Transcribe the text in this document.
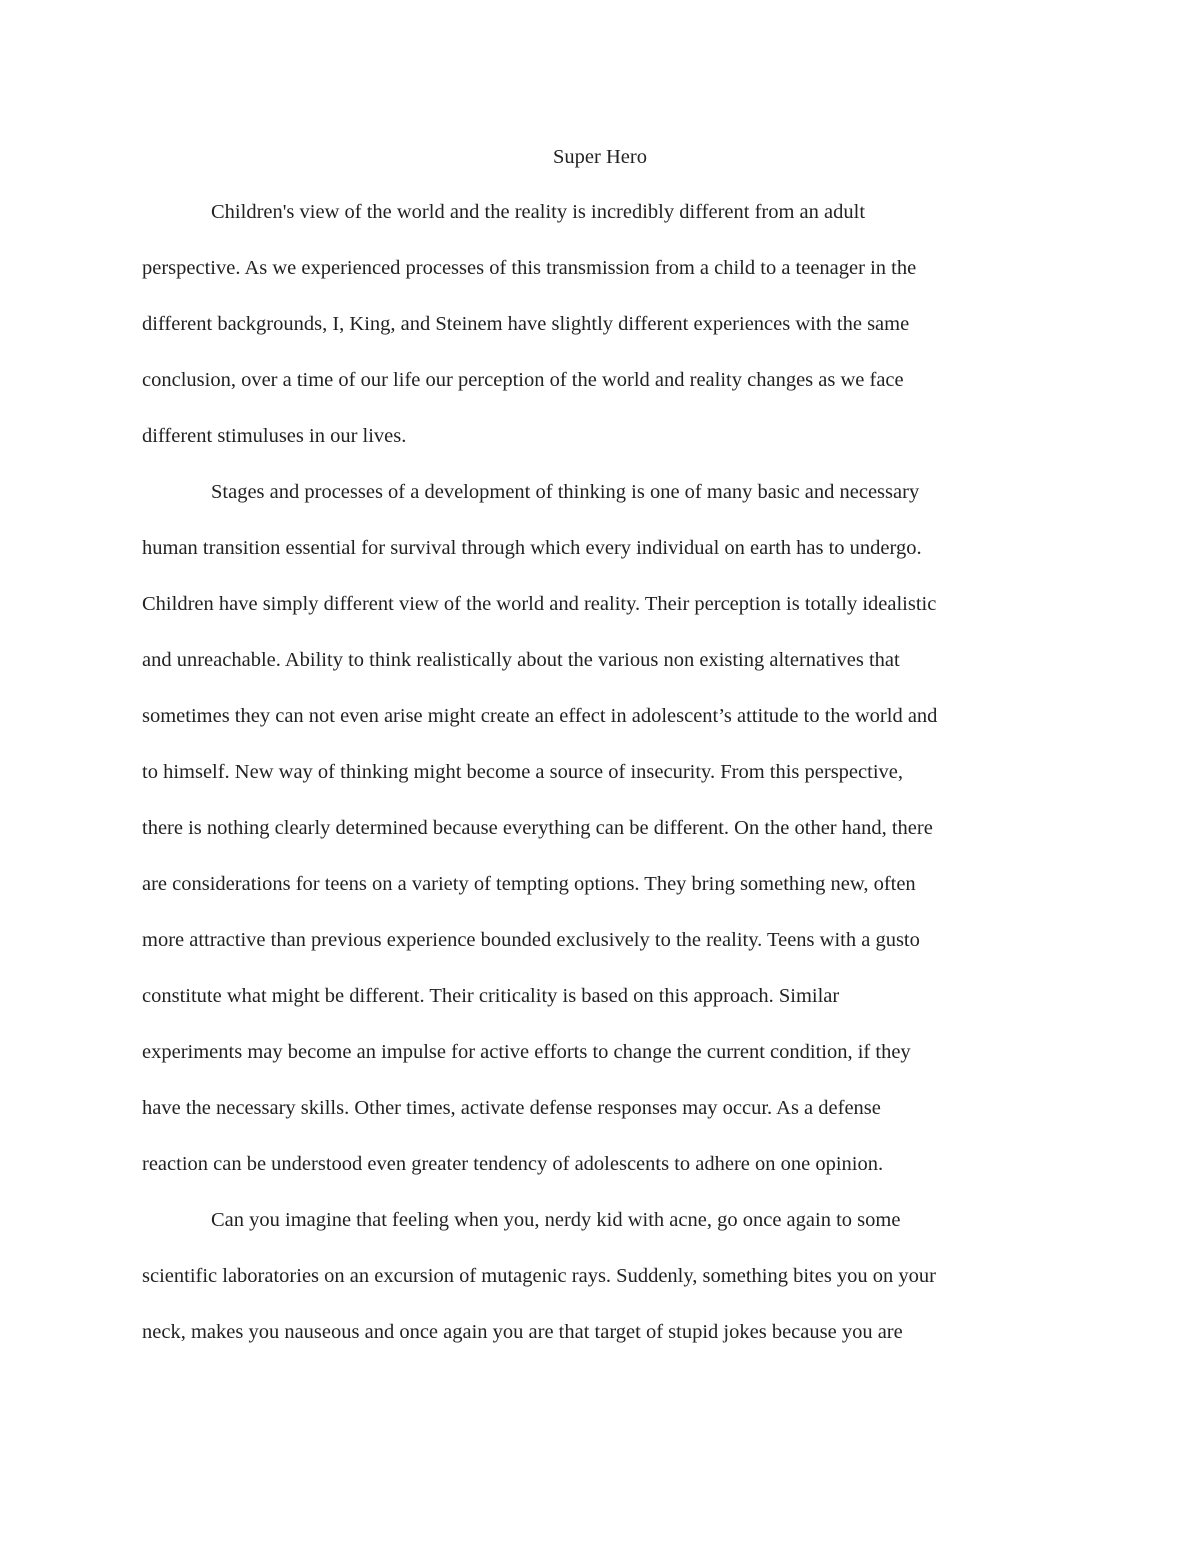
Super Hero
Children's view of the world and the reality is incredibly different from an adult
perspective. As we experienced processes of this transmission from a child to a teenager in the
different backgrounds, I, King, and Steinem have slightly different experiences with the same
conclusion, over a time of our life our perception of the world and reality changes as we face
different stimuluses in our lives.
Stages and processes of a development of thinking is one of many basic and necessary
human transition essential for survival through which every individual on earth has to undergo.
Children have simply different view of the world and reality. Their perception is totally idealistic
and unreachable. Ability to think realistically about the various non existing alternatives that
sometimes they can not even arise might create an effect in adolescent’s attitude to the world and
to himself. New way of thinking might become a source of insecurity. From this perspective,
there is nothing clearly determined because everything can be different. On the other hand, there
are considerations for teens on a variety of tempting options. They bring something new, often
more attractive than previous experience bounded exclusively to the reality. Teens with a gusto
constitute what might be different. Their criticality is based on this approach. Similar
experiments may become an impulse for active efforts to change the current condition, if they
have the necessary skills. Other times, activate defense responses may occur. As a defense
reaction can be understood even greater tendency of adolescents to adhere on one opinion.
Can you imagine that feeling when you, nerdy kid with acne, go once again to some
scientific laboratories on an excursion of mutagenic rays. Suddenly, something bites you on your
neck, makes you nauseous and once again you are that target of stupid jokes because you are
